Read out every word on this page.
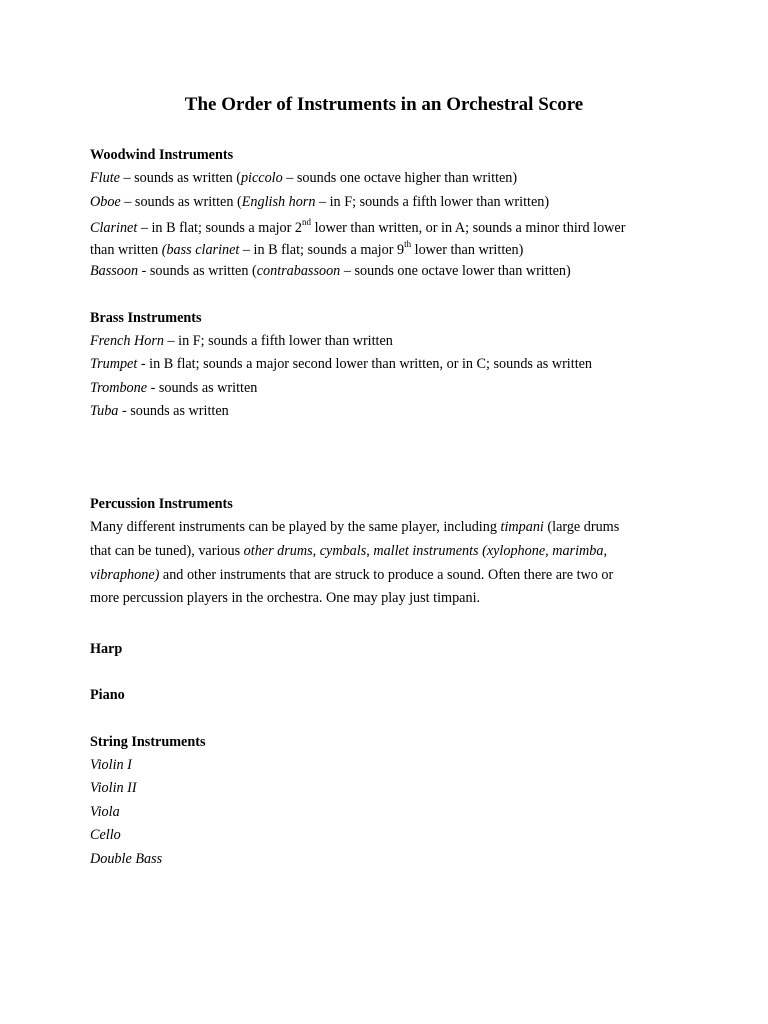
The Order of Instruments in an Orchestral Score
Woodwind Instruments
Flute – sounds as written (piccolo – sounds one octave higher than written)
Oboe – sounds as written (English horn – in F; sounds a fifth lower than written)
Clarinet – in B flat; sounds a major 2nd lower than written, or in A; sounds a minor third lower
than written (bass clarinet – in B flat; sounds a major 9th lower than written)
Bassoon - sounds as written (contrabassoon – sounds one octave lower than written)
Brass Instruments
French Horn – in F; sounds a fifth lower than written
Trumpet - in B flat; sounds a major second lower than written, or in C; sounds as written
Trombone - sounds as written
Tuba - sounds as written
Percussion Instruments
Many different instruments can be played by the same player, including timpani (large drums
that can be tuned), various other drums, cymbals, mallet instruments (xylophone, marimba,
vibraphone) and other instruments that are struck to produce a sound. Often there are two or
more percussion players in the orchestra. One may play just timpani.
Harp
Piano
String Instruments
Violin I
Violin II
Viola
Cello
Double Bass
